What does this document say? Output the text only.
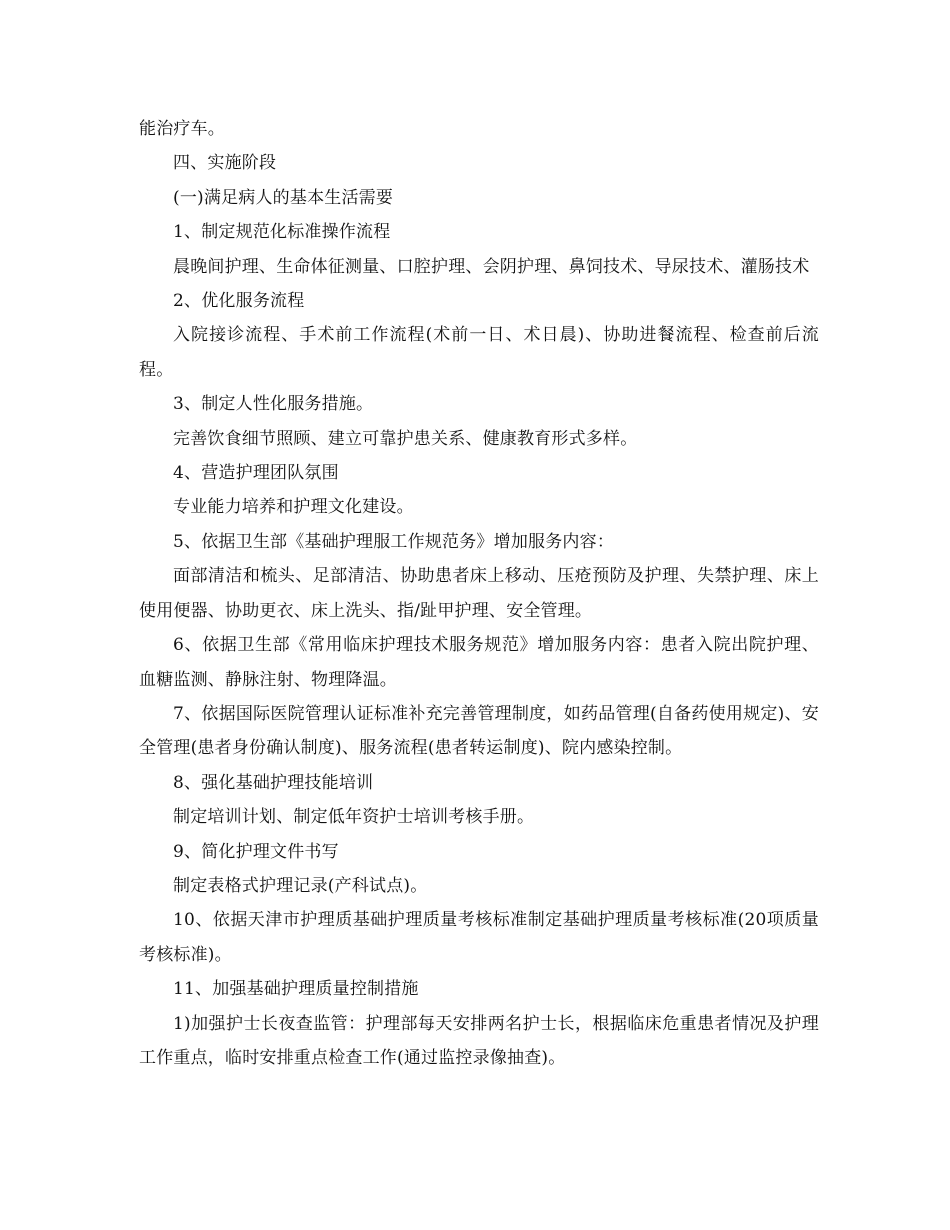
能治疗车。

四、实施阶段

(一)满足病人的基本生活需要

1、制定规范化标准操作流程

晨晚间护理、生命体征测量、口腔护理、会阴护理、鼻饲技术、导尿技术、灌肠技术

2、优化服务流程

入院接诊流程、手术前工作流程(术前一日、术日晨)、协助进餐流程、检查前后流程。

3、制定人性化服务措施。

完善饮食细节照顾、建立可靠护患关系、健康教育形式多样。

4、营造护理团队氛围

专业能力培养和护理文化建设。

5、依据卫生部《基础护理服工作规范务》增加服务内容：

面部清洁和梳头、足部清洁、协助患者床上移动、压疮预防及护理、失禁护理、床上使用便器、协助更衣、床上洗头、指/趾甲护理、安全管理。

6、依据卫生部《常用临床护理技术服务规范》增加服务内容：患者入院出院护理、血糖监测、静脉注射、物理降温。

7、依据国际医院管理认证标准补充完善管理制度，如药品管理(自备药使用规定)、安全管理(患者身份确认制度)、服务流程(患者转运制度)、院内感染控制。

8、强化基础护理技能培训

制定培训计划、制定低年资护士培训考核手册。

9、简化护理文件书写

制定表格式护理记录(产科试点)。

10、依据天津市护理质基础护理质量考核标准制定基础护理质量考核标准(20项质量考核标准)。

11、加强基础护理质量控制措施

1)加强护士长夜查监管：护理部每天安排两名护士长，根据临床危重患者情况及护理工作重点，临时安排重点检查工作(通过监控录像抽查)。
